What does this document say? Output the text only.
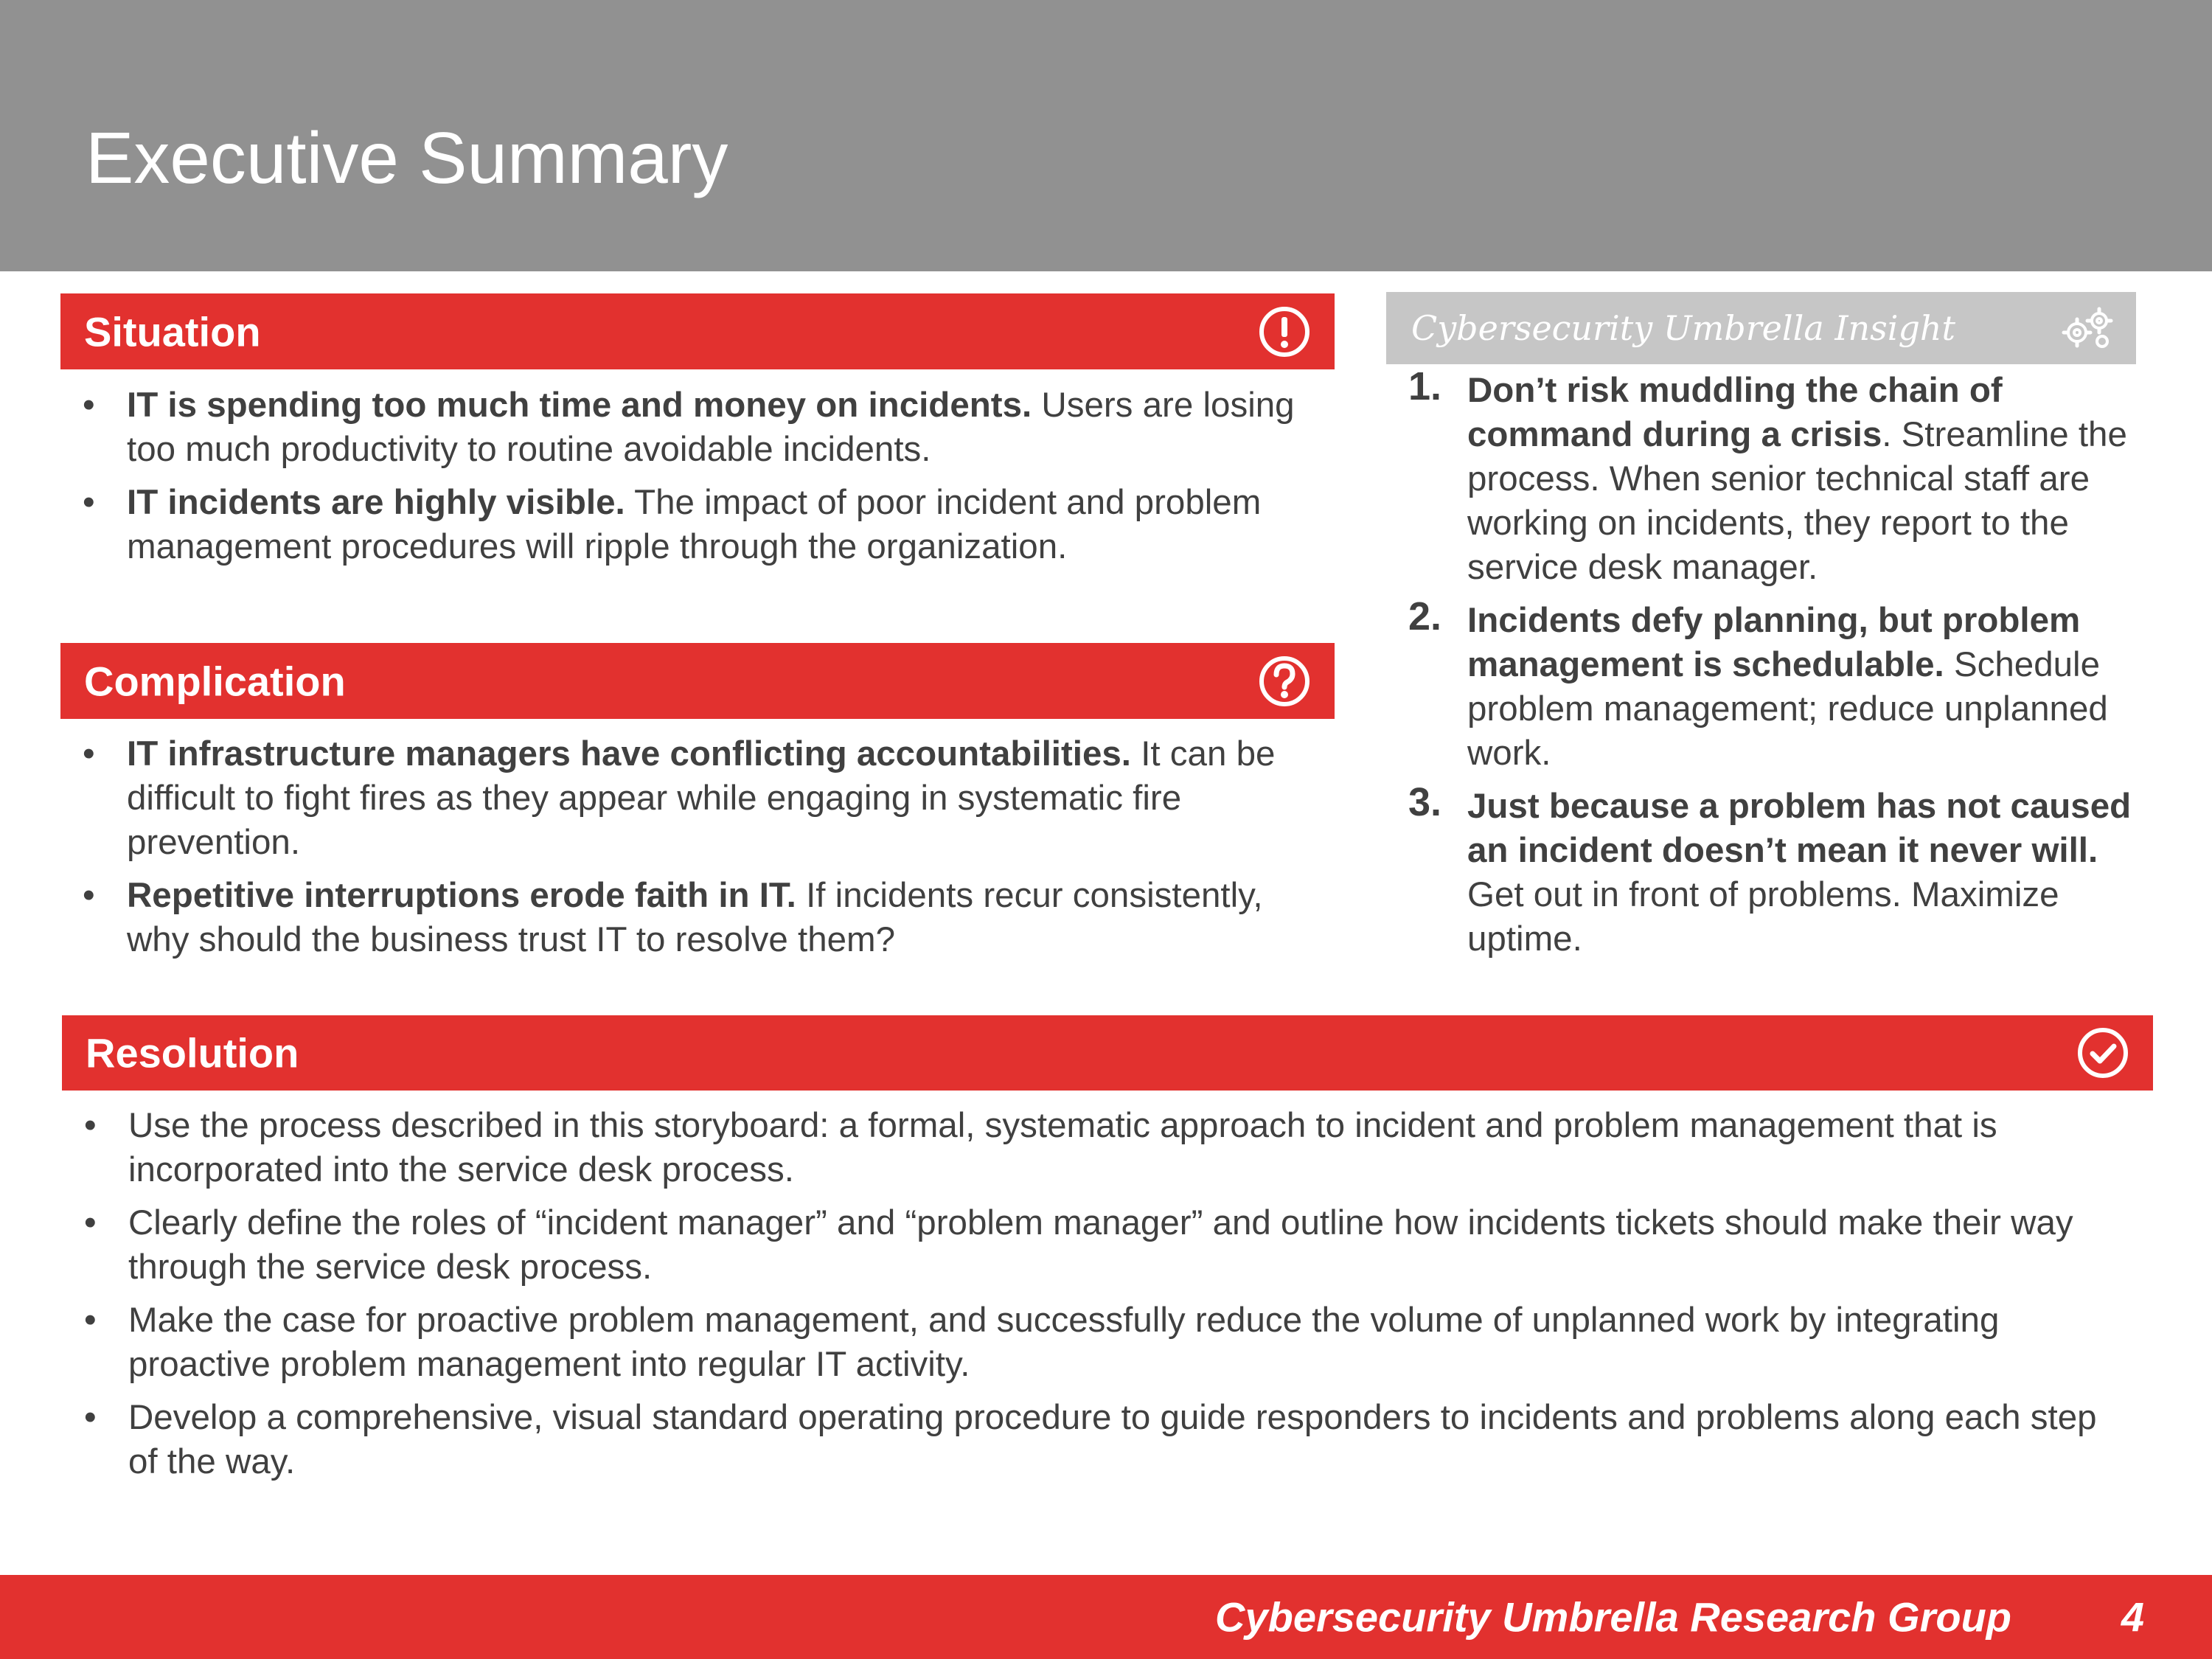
Executive Summary
Situation
• IT is spending too much time and money on incidents. Users are losing too much productivity to routine avoidable incidents.
• IT incidents are highly visible. The impact of poor incident and problem management procedures will ripple through the organization.
Complication
• IT infrastructure managers have conflicting accountabilities. It can be difficult to fight fires as they appear while engaging in systematic fire prevention.
• Repetitive interruptions erode faith in IT. If incidents recur consistently, why should the business trust IT to resolve them?
Cybersecurity Umbrella Insight
1. Don’t risk muddling the chain of command during a crisis. Streamline the process. When senior technical staff are working on incidents, they report to the service desk manager.
2. Incidents defy planning, but problem management is schedulable. Schedule problem management; reduce unplanned work.
3. Just because a problem has not caused an incident doesn’t mean it never will. Get out in front of problems. Maximize uptime.
Resolution
• Use the process described in this storyboard: a formal, systematic approach to incident and problem management that is incorporated into the service desk process.
• Clearly define the roles of “incident manager” and “problem manager” and outline how incidents tickets should make their way through the service desk process.
• Make the case for proactive problem management, and successfully reduce the volume of unplanned work by integrating proactive problem management into regular IT activity.
• Develop a comprehensive, visual standard operating procedure to guide responders to incidents and problems along each step of the way.
Cybersecurity Umbrella Research Group	4
